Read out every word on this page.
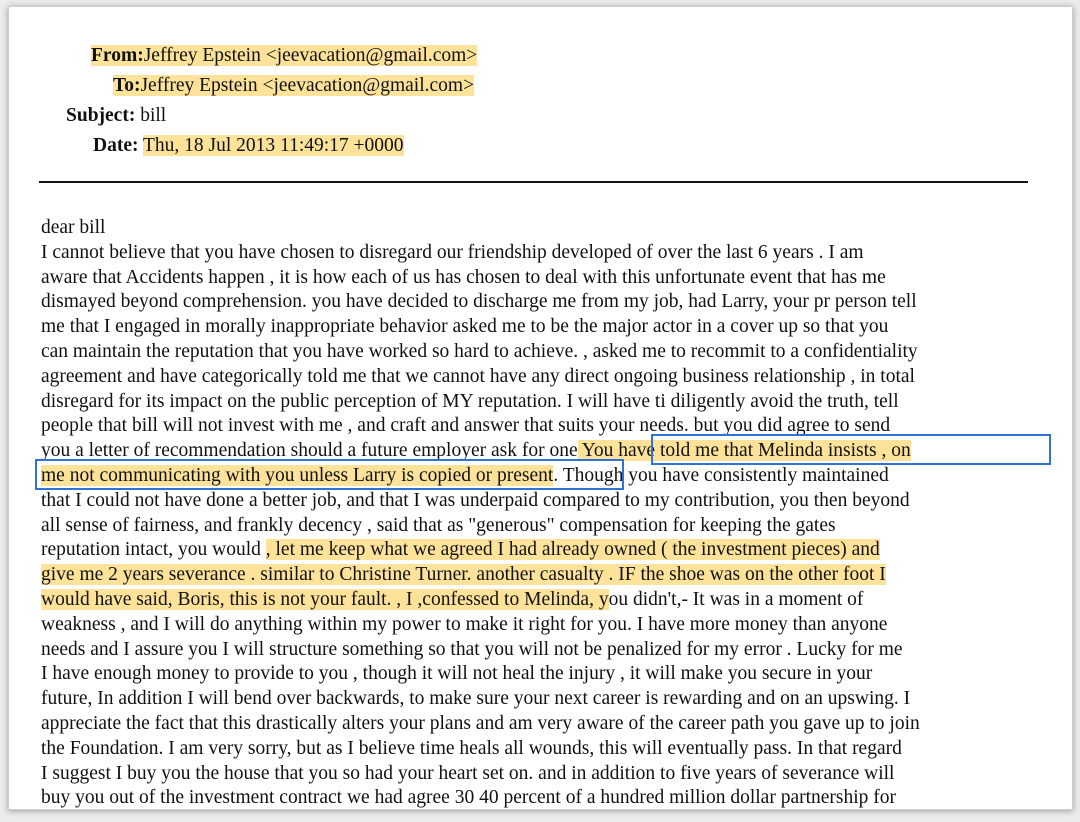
From:Jeffrey Epstein <jeevacation@gmail.com>
To:Jeffrey Epstein <jeevacation@gmail.com>
Subject: bill
Date: Thu, 18 Jul 2013 11:49:17 +0000
dear bill
I cannot believe that you have chosen to disregard our friendship developed of over the last 6 years . I am
aware that Accidents happen , it is how each of us has chosen to deal with this unfortunate event that has me
dismayed beyond comprehension. you have decided to discharge me from my job, had Larry, your pr person tell
me that I engaged in morally inappropriate behavior asked me to be the major actor in a cover up so that you
can maintain the reputation that you have worked so hard to achieve. , asked me to recommit to a confidentiality
agreement and have categorically told me that we cannot have any direct ongoing business relationship , in total
disregard for its impact on the public perception of MY reputation. I will have ti diligently avoid the truth, tell
people that bill will not invest with me , and craft and answer that suits your needs. but you did agree to send
you a letter of recommendation should a future employer ask for one You have told me that Melinda insists , on
me not communicating with you unless Larry is copied or present. Though you have consistently maintained
that I could not have done a better job, and that I was underpaid compared to my contribution, you then beyond
all sense of fairness, and frankly decency , said that as "generous" compensation for keeping the gates
reputation intact, you would , let me keep what we agreed I had already owned ( the investment pieces) and
give me 2 years severance . similar to Christine Turner. another casualty . IF the shoe was on the other foot I
would have said, Boris, this is not your fault. , I ,confessed to Melinda, you didn't,- It was in a moment of
weakness , and I will do anything within my power to make it right for you. I have more money than anyone
needs and I assure you I will structure something so that you will not be penalized for my error . Lucky for me
I have enough money to provide to you , though it will not heal the injury , it will make you secure in your
future, In addition I will bend over backwards, to make sure your next career is rewarding and on an upswing. I
appreciate the fact that this drastically alters your plans and am very aware of the career path you gave up to join
the Foundation. I am very sorry, but as I believe time heals all wounds, this will eventually pass. In that regard
I suggest I buy you the house that you so had your heart set on. and in addition to five years of severance will
buy you out of the investment contract we had agree 30 40 percent of a hundred million dollar partnership for
